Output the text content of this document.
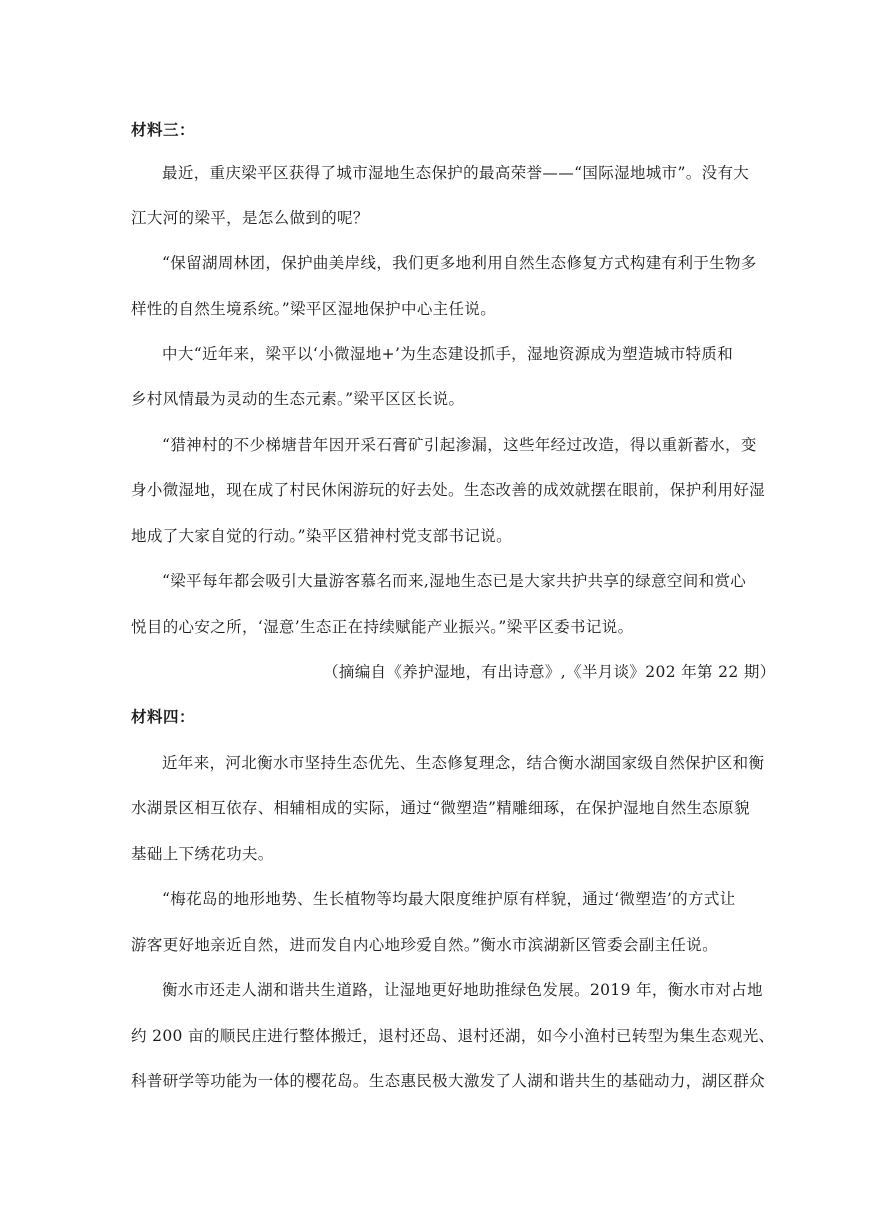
材料三：
最近，重庆梁平区获得了城市湿地生态保护的最高荣誉——“国际湿地城市”。没有大
江大河的梁平，是怎么做到的呢？
“保留湖周林团，保护曲美岸线，我们更多地利用自然生态修复方式构建有利于生物多
样性的自然生境系统。”梁平区湿地保护中心主任说。
中大“近年来，梁平以‘小微湿地+’为生态建设抓手，湿地资源成为塑造城市特质和
乡村风情最为灵动的生态元素。”梁平区区长说。
“猎神村的不少梯塘昔年因开采石膏矿引起渗漏，这些年经过改造，得以重新蓄水，变
身小微湿地，现在成了村民休闲游玩的好去处。生态改善的成效就摆在眼前，保护利用好湿
地成了大家自觉的行动。”染平区猎神村党支部书记说。
“梁平每年都会吸引大量游客慕名而来,湿地生态已是大家共护共享的绿意空间和赏心
悦目的心安之所，‘湿意’生态正在持续赋能产业振兴。”梁平区委书记说。
（摘编自《养护湿地，有出诗意》,《半月谈》202 年第 22 期）
材料四：
近年来，河北衡水市坚持生态优先、生态修复理念，结合衡水湖国家级自然保护区和衡
水湖景区相互依存、相辅相成的实际，通过“微塑造”精雕细琢，在保护湿地自然生态原貌
基础上下绣花功夫。
“梅花岛的地形地势、生长植物等均最大限度维护原有样貌，通过‘微塑造’的方式让
游客更好地亲近自然，进而发自内心地珍爱自然。”衡水市滨湖新区管委会副主任说。
衡水市还走人湖和谐共生道路，让湿地更好地助推绿色发展。2019 年，衡水市对占地
约 200 亩的顺民庄进行整体搬迁，退村还岛、退村还湖，如今小渔村已转型为集生态观光、
科普研学等功能为一体的樱花岛。生态惠民极大激发了人湖和谐共生的基础动力，湖区群众
